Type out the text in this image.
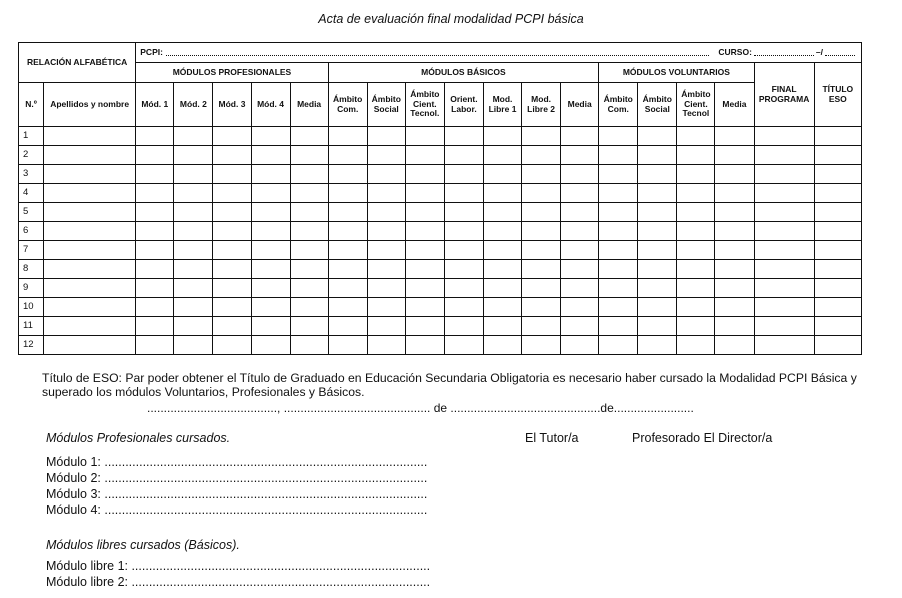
Acta de evaluación final modalidad PCPI básica
RELACIÓN ALFABÉTICA		PCPI: CURSO: –/																	

		MÓDULOS PROFESIONALES					MÓDULOS BÁSICOS							MÓDULOS VOLUNTARIOS				FINAL PROGRAMA	TÍTULO ESO
N.º	Apellidos y nombre	Mód. 1	Mód. 2	Mód. 3	Mód. 4	Media	Ámbito Com.	Ámbito Social	Ámbito Cient. Tecnol.	Orient. Labor.	Mod. Libre 1	Mod. Libre 2	Media	Ámbito Com.	Ámbito Social	Ámbito Cient. Tecnol	Media		
1																			
2																			
3																			
4																			
5																			
6																			
7																			
8																			
9																			
10																			
11																			
12																			
Título de ESO: Par poder obtener el Título de Graduado en Educación Secundaria Obligatoria es necesario haber cursado la Modalidad PCPI Básica y superado los módulos Voluntarios, Profesionales y Básicos.
......................................., ............................................ de .............................................de........................
Módulos Profesionales cursados.	El Tutor/a	Profesorado El Director/a
Módulo 1: .............................................................................................
Módulo 2: .............................................................................................
Módulo 3: .............................................................................................
Módulo 4: .............................................................................................
Módulos libres cursados (Básicos).
Módulo libre 1: ......................................................................................
Módulo libre 2: ......................................................................................
